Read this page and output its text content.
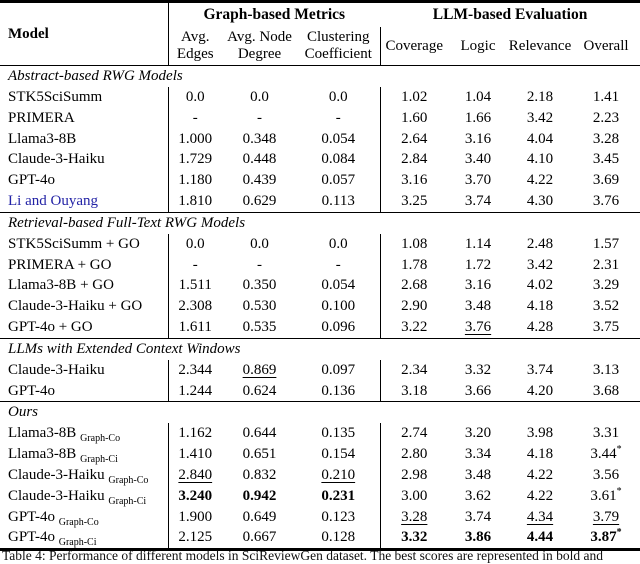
Model	Graph-based Metrics			LLM-based Evaluation			
	Avg. Edges	Avg. Node Degree	Clustering Coefficient	Coverage	Logic	Relevance	Overall
Abstract-based RWG Models							
STK5SciSumm	0.0	0.0	0.0	1.02	1.04	2.18	1.41
PRIMERA	-	-	-	1.60	1.66	3.42	2.23
Llama3-8B	1.000	0.348	0.054	2.64	3.16	4.04	3.28
Claude-3-Haiku	1.729	0.448	0.084	2.84	3.40	4.10	3.45
GPT-4o	1.180	0.439	0.057	3.16	3.70	4.22	3.69
Li and Ouyang	1.810	0.629	0.113	3.25	3.74	4.30	3.76
Retrieval-based Full-Text RWG Models							
STK5SciSumm + GO	0.0	0.0	0.0	1.08	1.14	2.48	1.57
PRIMERA + GO	-	-	-	1.78	1.72	3.42	2.31
Llama3-8B + GO	1.511	0.350	0.054	2.68	3.16	4.02	3.29
Claude-3-Haiku + GO	2.308	0.530	0.100	2.90	3.48	4.18	3.52
GPT-4o + GO	1.611	0.535	0.096	3.22	3.76	4.28	3.75
LLMs with Extended Context Windows							
Claude-3-Haiku	2.344	0.869	0.097	2.34	3.32	3.74	3.13
GPT-4o	1.244	0.624	0.136	3.18	3.66	4.20	3.68
Ours							
Llama3-8B $_{Graph-Co}$	1.162	0.644	0.135	2.74	3.20	3.98	3.31
Llama3-8B $_{Graph-Ci}$	1.410	0.651	0.154	2.80	3.34	4.18	3.44*
Claude-3-Haiku $_{Graph-Co}$	2.840	0.832	0.210	2.98	3.48	4.22	3.56
Claude-3-Haiku $_{Graph-Ci}$	3.240	0.942	0.231	3.00	3.62	4.22	3.61*
GPT-4o $_{Graph-Co}$	1.900	0.649	0.123	3.28	3.74	4.34	3.79
GPT-4o $_{Graph-Ci}$	2.125	0.667	0.128	3.32	3.86	4.44	3.87*
Table 4: Performance of different models in SciReviewGen dataset. The best scores are represented in bold and
